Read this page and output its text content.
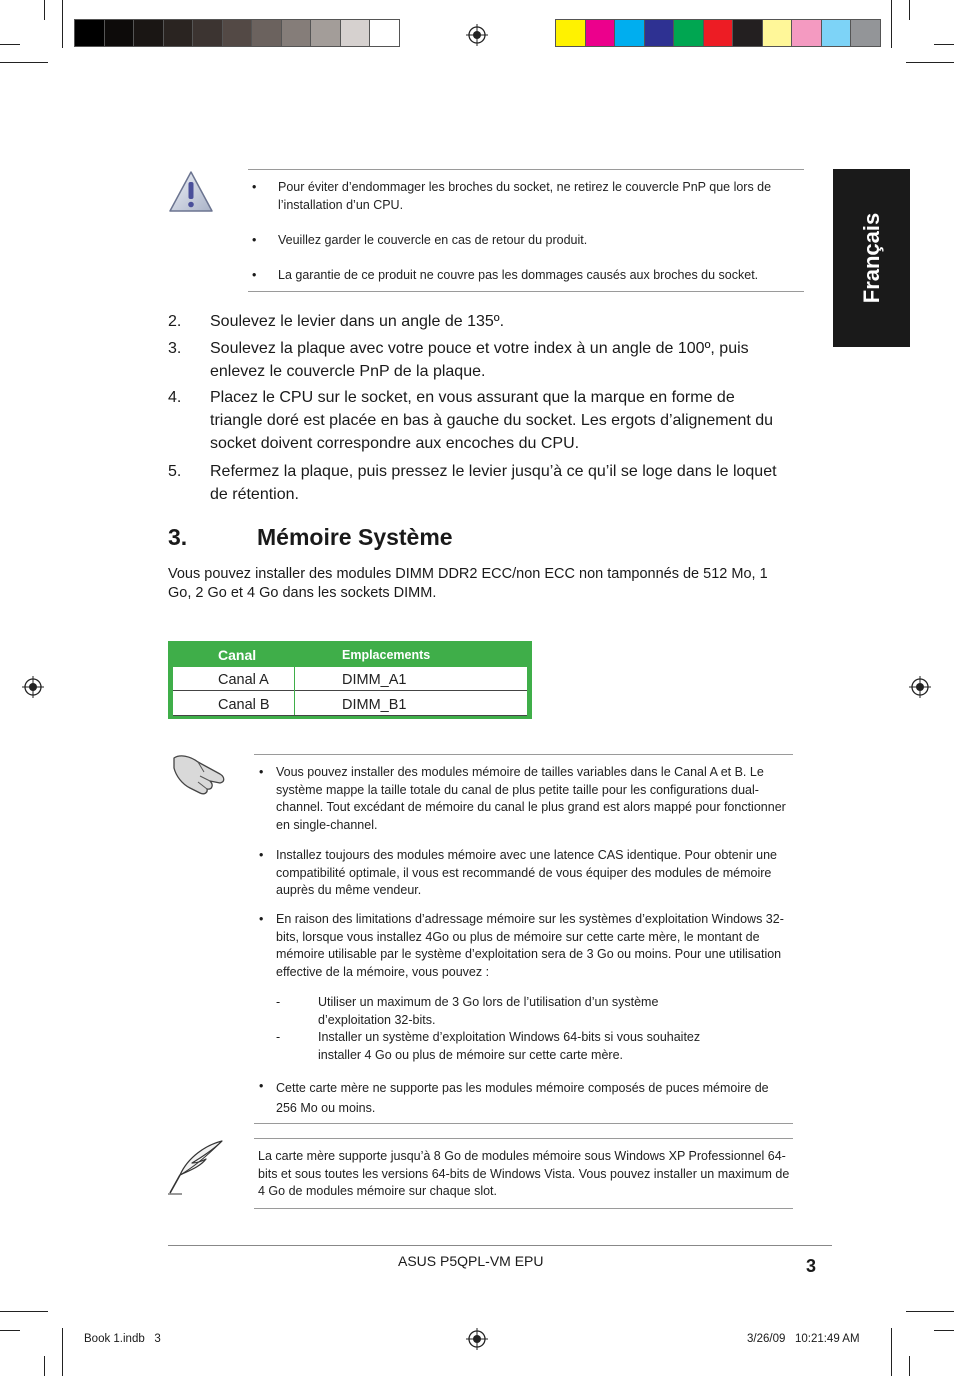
Français
• Pour éviter d’endommager les broches du socket, ne retirez le couvercle PnP que lors de l’installation d’un CPU.
• Veuillez garder le couvercle en cas de retour du produit.
• La garantie de ce produit ne couvre pas les dommages causés aux broches du socket.
2. Soulevez le levier dans un angle de 135º.
3. Soulevez la plaque avec votre pouce et votre index à un angle de 100º, puis enlevez le couvercle PnP de la plaque.
4. Placez le CPU sur le socket, en vous assurant que la marque en forme de triangle doré est placée en bas à gauche du socket. Les ergots d’alignement du socket doivent correspondre aux encoches du CPU.
5. Refermez la plaque, puis pressez le levier jusqu’à ce qu’il se loge dans le loquet de rétention.
3.	Mémoire Système
Vous pouvez installer des modules DIMM DDR2 ECC/non ECC non tamponnés de 512 Mo, 1 Go, 2 Go et 4 Go dans les sockets DIMM.
Canal	Emplacements
Canal A	DIMM_A1
Canal B	DIMM_B1
• Vous pouvez installer des modules mémoire de tailles variables dans le Canal A et B. Le système mappe la taille totale du canal de plus petite taille pour les configurations dual-channel. Tout excédant de mémoire du canal le plus grand est alors mappé pour fonctionner en single-channel.
• Installez toujours des modules mémoire avec une latence CAS identique. Pour obtenir une compatibilité optimale, il vous est recommandé de vous équiper des modules de mémoire auprès du même vendeur.
• En raison des limitations d’adressage mémoire sur les systèmes d’exploitation Windows 32-bits, lorsque vous installez 4Go ou plus de mémoire sur cette carte mère, le montant de mémoire utilisable par le système d’exploitation sera de 3 Go ou moins. Pour une utilisation effective de la mémoire, vous pouvez :
-	Utiliser un maximum de 3 Go lors de l’utilisation d’un système d’exploitation 32-bits.
-	Installer un système d’exploitation Windows 64-bits si vous souhaitez installer 4 Go ou plus de mémoire sur cette carte mère.
• Cette carte mère ne supporte pas les modules mémoire composés de puces mémoire de 256 Mo ou moins.
La carte mère supporte jusqu’à 8 Go de modules mémoire sous Windows XP Professionnel 64-bits et sous toutes les versions 64-bits de Windows Vista. Vous pouvez installer un maximum de 4 Go de modules mémoire sur chaque slot.
ASUS P5QPL-VM EPU	3
Book 1.indb   3	3/26/09   10:21:49 AM
